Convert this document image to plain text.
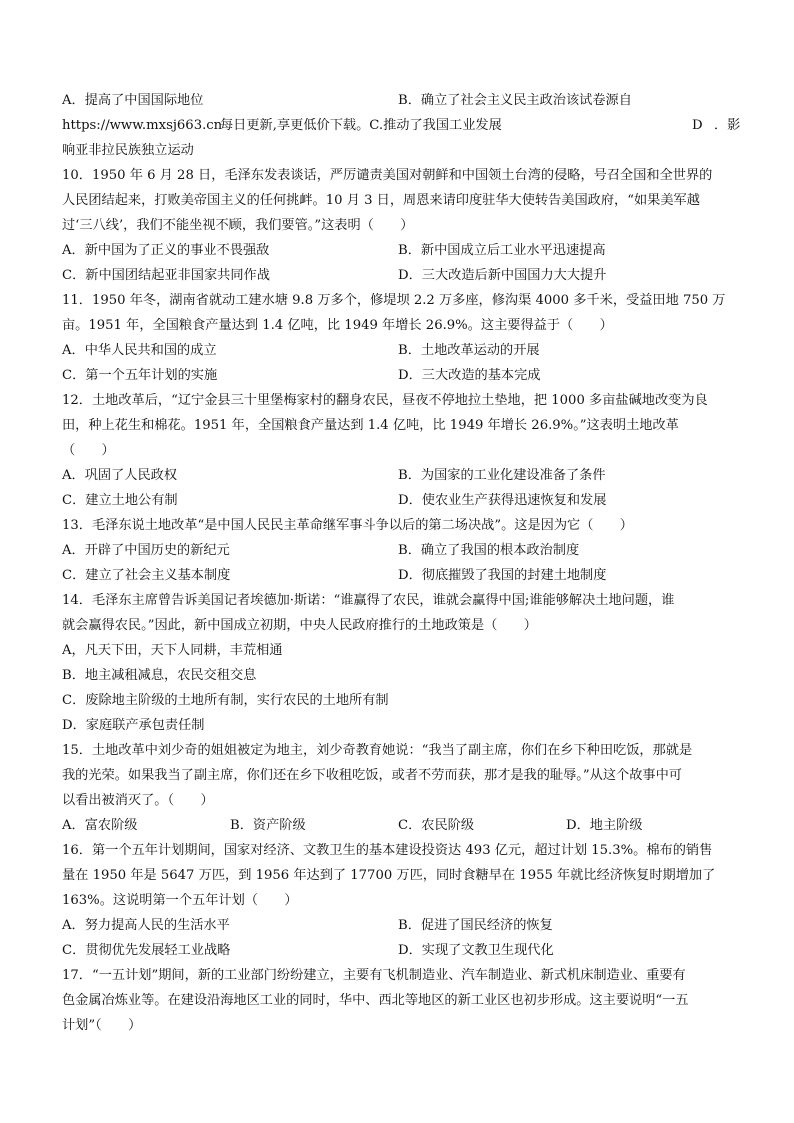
A．提高了中国国际地位	B．确立了社会主义民主政治该试卷源自
https://www.mxsj663.cn
每日更新,享更低价下载。C.推动了我国工业发展	D ．影
响亚非拉民族独立运动
10．1950 年 6 月 28 日，毛泽东发表谈话，严厉谴责美国对朝鲜和中国领土台湾的侵略，号召全国和全世界的
人民团结起来，打败美帝国主义的任何挑衅。10 月 3 日，周恩来请印度驻华大使转告美国政府，“如果美军越
过‘三八线’，我们不能坐视不顾，我们要管。”这表明（　　）
A．新中国为了正义的事业不畏强敌	B．新中国成立后工业水平迅速提高
C．新中国团结起亚非国家共同作战	D．三大改造后新中国国力大大提升
11．1950 年冬，湖南省就动工建水塘 9.8 万多个，修堤坝 2.2 万多座，修沟渠 4000 多千米，受益田地 750 万
亩。1951 年，全国粮食产量达到 1.4 亿吨，比 1949 年增长 26.9%。这主要得益于（　　）
A．中华人民共和国的成立	B．土地改革运动的开展
C．第一个五年计划的实施	D．三大改造的基本完成
12．土地改革后，“辽宁金县三十里堡梅家村的翻身农民，昼夜不停地拉土垫地，把 1000 多亩盐碱地改变为良
田，种上花生和棉花。1951 年，全国粮食产量达到 1.4 亿吨，比 1949 年增长 26.9%。”这表明土地改革
（　　）
A．巩固了人民政权	B．为国家的工业化建设准备了条件
C．建立土地公有制	D．使农业生产获得迅速恢复和发展
13．毛泽东说土地改革“是中国人民民主革命继军事斗争以后的第二场决战”。这是因为它（　　）
A．开辟了中国历史的新纪元	B．确立了我国的根本政治制度
C．建立了社会主义基本制度	D．彻底摧毁了我国的封建土地制度
14．毛泽东主席曾告诉美国记者埃德加·斯诺：“谁赢得了农民，谁就会赢得中国;谁能够解决土地问题，谁
就会赢得农民。”因此，新中国成立初期，中央人民政府推行的土地政策是（　　）
A，凡天下田，天下人同耕，丰荒相通
B．地主减租减息，农民交租交息
C．废除地主阶级的土地所有制，实行农民的土地所有制
D．家庭联产承包责任制
15．土地改革中刘少奇的姐姐被定为地主，刘少奇教育她说：“我当了副主席，你们在乡下种田吃饭，那就是
我的光荣。如果我当了副主席，你们还在乡下收租吃饭，或者不劳而获，那才是我的耻辱。”从这个故事中可
以看出被消灭了。（　　）
A．富农阶级	B．资产阶级	C．农民阶级	D．地主阶级
16．第一个五年计划期间，国家对经济、文教卫生的基本建设投资达 493 亿元，超过计划 15.3%。棉布的销售
量在 1950 年是 5647 万匹，到 1956 年达到了 17700 万匹，同时食糖早在 1955 年就比经济恢复时期增加了
163%。这说明第一个五年计划（　　）
A．努力提高人民的生活水平	B．促进了国民经济的恢复
C．贯彻优先发展轻工业战略	D．实现了文教卫生现代化
17．“一五计划”期间，新的工业部门纷纷建立，主要有飞机制造业、汽车制造业、新式机床制造业、重要有
色金属冶炼业等。在建设沿海地区工业的同时，华中、西北等地区的新工业区也初步形成。这主要说明“一五
计划”（　　）
